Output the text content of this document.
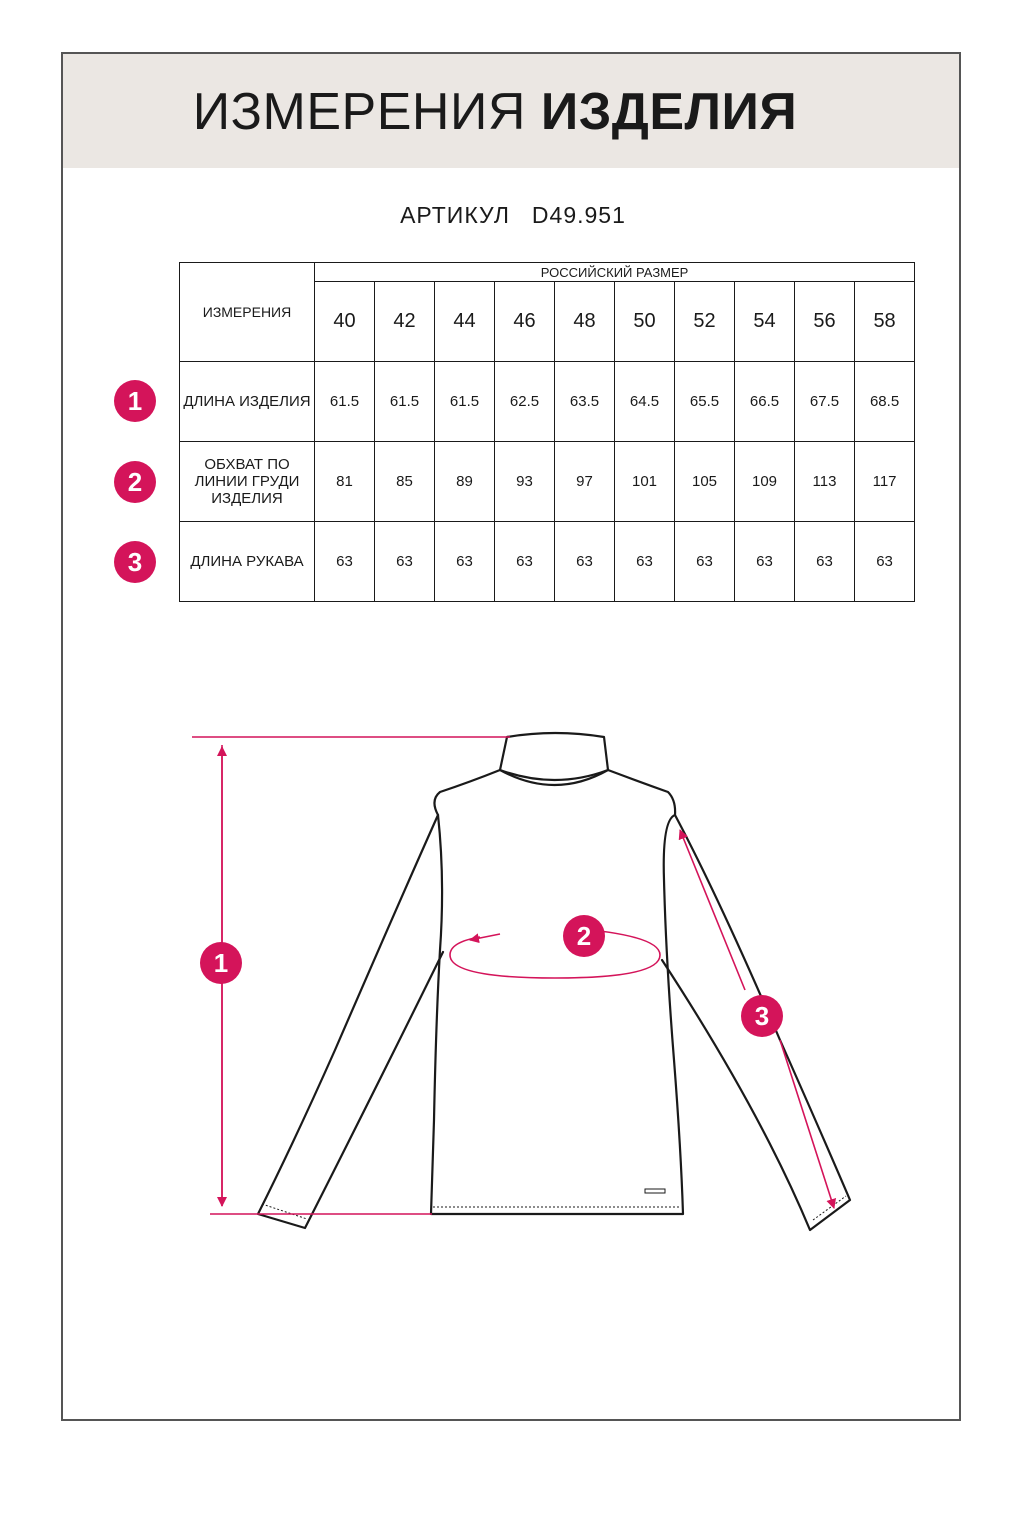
ИЗМЕРЕНИЯ ИЗДЕЛИЯ
АРТИКУЛ D49.951
ИЗМЕРЕНИЯ	РОССИЙСКИЙ РАЗМЕР									
	40	42	44	46	48	50	52	54	56	58
ДЛИНА ИЗДЕЛИЯ	61.5	61.5	61.5	62.5	63.5	64.5	65.5	66.5	67.5	68.5

ОБХВАТ ПО ЛИНИИ ГРУДИ ИЗДЕЛИЯ	81	85	89	93	97	101	105	109	113	117
ДЛИНА РУКАВА	63	63	63	63	63	63	63	63	63	63
1
2
3
1
2
3
